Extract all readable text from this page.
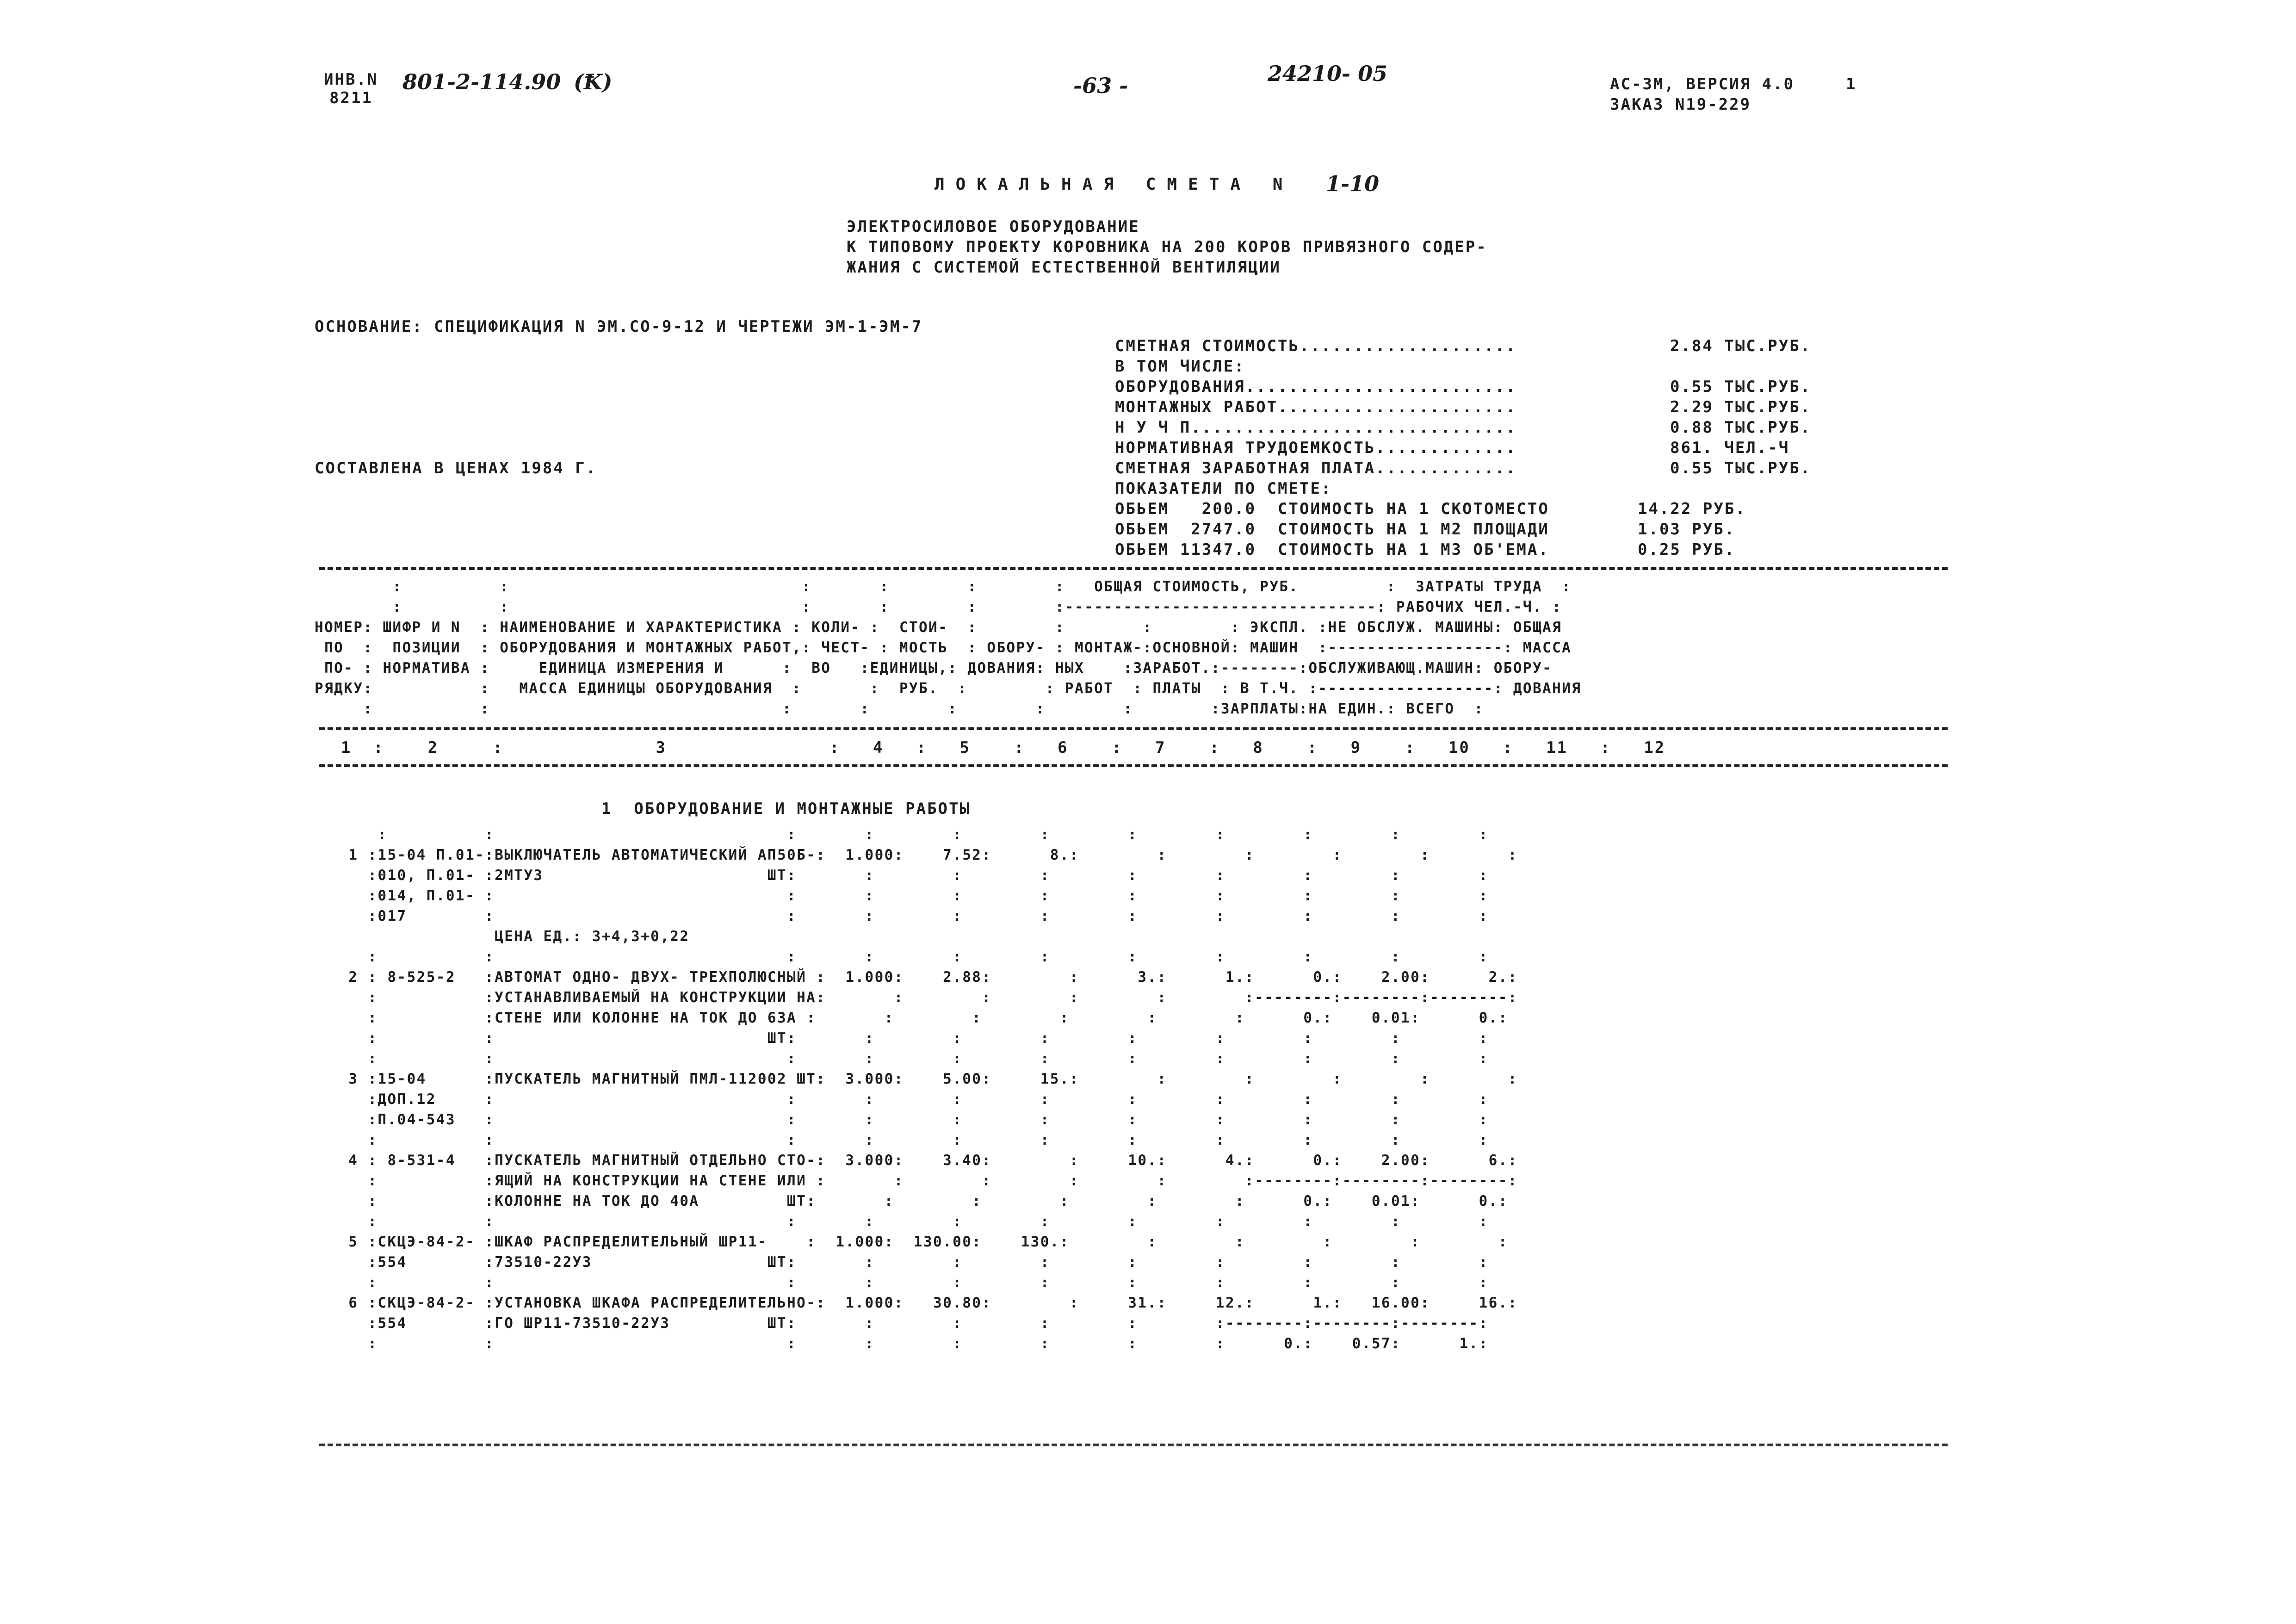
ИНВ.N
8211
801-2-114.90 (Ꝁ)	-63 -	24210- 05	АС-3М, ВЕРСИЯ 4.0	1
ЗАКАЗ N19-229
ЛОКАЛЬНАЯ СМЕТА N 1-10
ЭЛЕКТРОСИЛОВОЕ ОБОРУДОВАНИЕ
К ТИПОВОМУ ПРОЕКТУ КОРОВНИКА НА 200 КОРОВ ПРИВЯЗНОГО СОДЕР-
ЖАНИЯ С СИСТЕМОЙ ЕСТЕСТВЕННОЙ ВЕНТИЛЯЦИИ
ОСНОВАНИЕ: СПЕЦИФИКАЦИЯ N ЭМ.СО-9-12 И ЧЕРТЕЖИ ЭМ-1-ЭМ-7
СОСТАВЛЕНА В ЦЕНАХ 1984 Г.
СМЕТНАЯ СТОИМОСТЬ....................	2.84 ТЫС.РУБ.
В ТОМ ЧИСЛЕ:
ОБОРУДОВАНИЯ.........................	0.55 ТЫС.РУБ.
МОНТАЖНЫХ РАБОТ......................	2.29 ТЫС.РУБ.
Н У Ч П..............................	0.88 ТЫС.РУБ.
НОРМАТИВНАЯ ТРУДОЕМКОСТЬ.............	861. ЧЕЛ.-Ч
СМЕТНАЯ ЗАРАБОТНАЯ ПЛАТА.............	0.55 ТЫС.РУБ.
ПОКАЗАТЕЛИ ПО СМЕТЕ:
ОБЬЕМ   200.0  СТОИМОСТЬ НА 1 СКОТОМЕСТО	14.22 РУБ.
ОБЬЕМ  2747.0  СТОИМОСТЬ НА 1 М2 ПЛОЩАДИ	1.03 РУБ.
ОБЬЕМ 11347.0  СТОИМОСТЬ НА 1 М3 ОБ'ЕМА.	0.25 РУБ.
:          :                              :       :        :        :   ОБЩАЯ СТОИМОСТЬ, РУБ.         :  ЗАТРАТЫ ТРУДА  :
:          :                              :       :        :        :--------------------------------: РАБОЧИХ ЧЕЛ.-Ч. :
НОМЕР: ШИФР И N  : НАИМЕНОВАНИЕ И ХАРАКТЕРИСТИКА : КОЛИ- :  СТОИ-  :        :        :        : ЭКСПЛ. :НЕ ОБСЛУЖ. МАШИНЫ: ОБЩАЯ
ПО  :  ПОЗИЦИИ  : ОБОРУДОВАНИЯ И МОНТАЖНЫХ РАБОТ,: ЧЕСТ- : МОСТЬ  : ОБОРУ- : МОНТАЖ-:ОСНОВНОЙ: МАШИН  :------------------: МАССА
ПО- : НОРМАТИВА :     ЕДИНИЦА ИЗМЕРЕНИЯ И      :  ВО   :ЕДИНИЦЫ,: ДОВАНИЯ: НЫХ    :ЗАРАБОТ.:--------:ОБСЛУЖИВАЮЩ.МАШИН: ОБОРУ-
РЯДКУ:           :   МАССА ЕДИНИЦЫ ОБОРУДОВАНИЯ  :       :  РУБ.  :        : РАБОТ  : ПЛАТЫ  : В Т.Ч. :------------------: ДОВАНИЯ
:           :                              :       :        :        :        :        :ЗАРПЛАТЫ:НА ЕДИН.: ВСЕГО  :
1  :    2     :              3               :   4   :   5    :   6    :   7    :   8    :   9    :   10   :   11   :   12
1  ОБОРУДОВАНИЕ И МОНТАЖНЫЕ РАБОТЫ
:          :                              :       :        :        :        :        :        :        :        :
1 :15-04 П.01-:ВЫКЛЮЧАТЕЛЬ АВТОМАТИЧЕСКИЙ АП50Б-:  1.000:    7.52:      8.:        :        :        :        :        :
:010, П.01- :2МТУ3                       ШТ:       :        :        :        :        :        :        :        :
:014, П.01- :                              :       :        :        :        :        :        :        :        :
:017        :                              :       :        :        :        :        :        :        :        :
ЦЕНА ЕД.: 3+4,3+0,22
:           :                              :       :        :        :        :        :        :        :        :
2 : 8-525-2   :АВТОМАТ ОДНО- ДВУХ- ТРЕХПОЛЮСНЫЙ :  1.000:    2.88:        :      3.:      1.:      0.:    2.00:      2.:
:           :УСТАНАВЛИВАЕМЫЙ НА КОНСТРУКЦИИ НА:       :        :        :        :        :--------:--------:--------:
:           :СТЕНЕ ИЛИ КОЛОННЕ НА ТОК ДО 63А :       :        :        :        :        :      0.:    0.01:      0.:
:           :                            ШТ:       :        :        :        :        :        :        :        :
:           :                              :       :        :        :        :        :        :        :        :
3 :15-04      :ПУСКАТЕЛЬ МАГНИТНЫЙ ПМЛ-112002 ШТ:  3.000:    5.00:     15.:        :        :        :        :        :
:ДОП.12     :                              :       :        :        :        :        :        :        :        :
:П.04-543   :                              :       :        :        :        :        :        :        :        :
:           :                              :       :        :        :        :        :        :        :        :
4 : 8-531-4   :ПУСКАТЕЛЬ МАГНИТНЫЙ ОТДЕЛЬНО СТО-:  3.000:    3.40:        :     10.:      4.:      0.:    2.00:      6.:
:           :ЯЩИЙ НА КОНСТРУКЦИИ НА СТЕНЕ ИЛИ :       :        :        :        :        :--------:--------:--------:
:           :КОЛОННЕ НА ТОК ДО 40А         ШТ:       :        :        :        :        :      0.:    0.01:      0.:
:           :                              :       :        :        :        :        :        :        :        :
5 :СКЦЭ-84-2- :ШКАФ РАСПРЕДЕЛИТЕЛЬНЫЙ ШР11-    :  1.000:  130.00:    130.:        :        :        :        :        :
:554        :73510-22У3                  ШТ:       :        :        :        :        :        :        :        :
:           :                              :       :        :        :        :        :        :        :        :
6 :СКЦЭ-84-2- :УСТАНОВКА ШКАФА РАСПРЕДЕЛИТЕЛЬНО-:  1.000:   30.80:        :     31.:     12.:      1.:   16.00:     16.:
:554        :ГО ШР11-73510-22У3          ШТ:       :        :        :        :        :--------:--------:--------:
:           :                              :       :        :        :        :        :      0.:    0.57:      1.:
